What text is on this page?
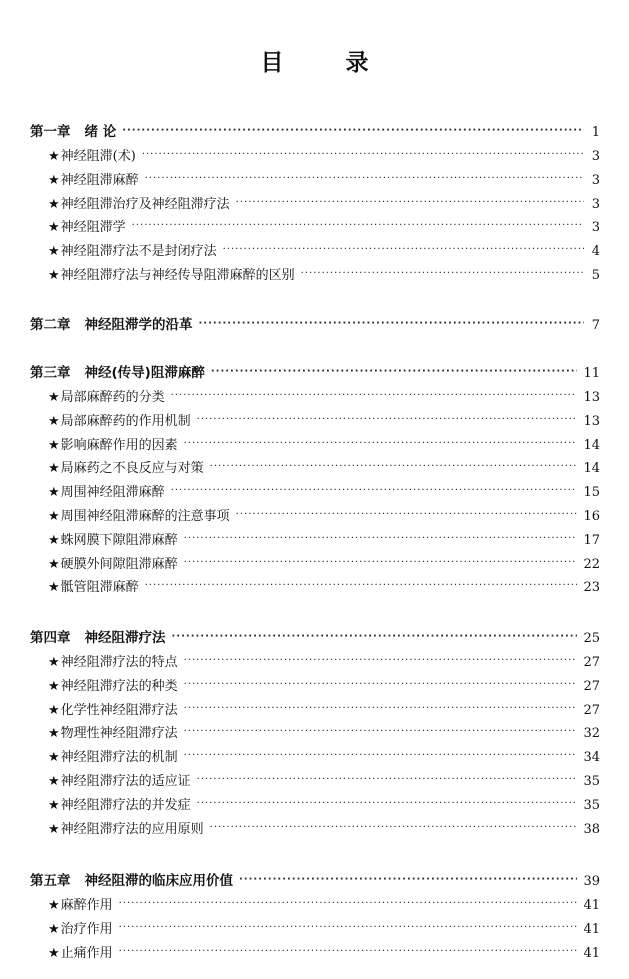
目	录
第一章 绪 论 ·····	1
★神经阻滞(术) ·····	3
★神经阻滞麻醉 ·····	3
★神经阻滞治疗及神经阻滞疗法 ·····	3
★神经阻滞学 ·····	3
★神经阻滞疗法不是封闭疗法 ·····	4
★神经阻滞疗法与神经传导阻滞麻醉的区别 ·····	5
第二章 神经阻滞学的沿革 ·····	7
第三章 神经(传导)阻滞麻醉 ·····	11
★局部麻醉药的分类 ·····	13
★局部麻醉药的作用机制 ·····	13
★影响麻醉作用的因素 ·····	14
★局麻药之不良反应与对策 ·····	14
★周围神经阻滞麻醉 ·····	15
★周围神经阻滞麻醉的注意事项 ·····	16
★蛛网膜下隙阻滞麻醉 ·····	17
★硬膜外间隙阻滞麻醉 ·····	22
★骶管阻滞麻醉 ·····	23
第四章 神经阻滞疗法 ·····	25
★神经阻滞疗法的特点 ·····	27
★神经阻滞疗法的种类 ·····	27
★化学性神经阻滞疗法 ·····	27
★物理性神经阻滞疗法 ·····	32
★神经阻滞疗法的机制 ·····	34
★神经阻滞疗法的适应证 ·····	35
★神经阻滞疗法的并发症 ·····	35
★神经阻滞疗法的应用原则 ·····	38
第五章 神经阻滞的临床应用价值 ·····	39
★麻醉作用 ·····	41
★治疗作用 ·····	41
★止痛作用 ·····	41
